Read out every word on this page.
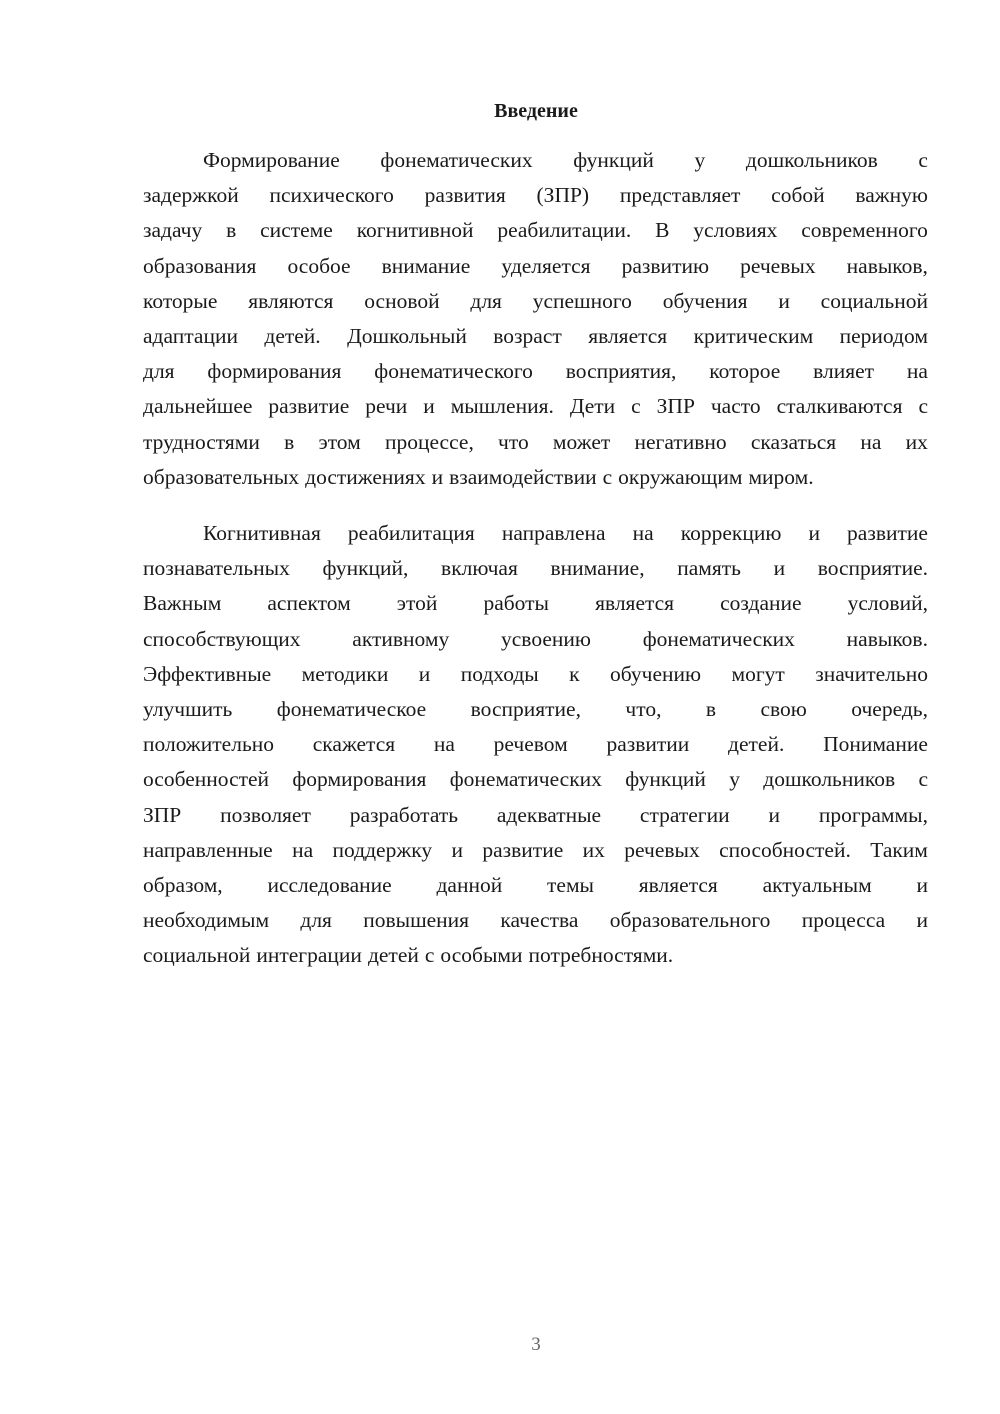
Введение
Формирование фонематических функций у дошкольников с
задержкой психического развития (ЗПР) представляет собой важную
задачу в системе когнитивной реабилитации. В условиях современного
образования особое внимание уделяется развитию речевых навыков,
которые являются основой для успешного обучения и социальной
адаптации детей. Дошкольный возраст является критическим периодом
для формирования фонематического восприятия, которое влияет на
дальнейшее развитие речи и мышления. Дети с ЗПР часто сталкиваются с
трудностями в этом процессе, что может негативно сказаться на их
образовательных достижениях и взаимодействии с окружающим миром.
Когнитивная реабилитация направлена на коррекцию и развитие
познавательных функций, включая внимание, память и восприятие.
Важным аспектом этой работы является создание условий,
способствующих активному усвоению фонематических навыков.
Эффективные методики и подходы к обучению могут значительно
улучшить фонематическое восприятие, что, в свою очередь,
положительно скажется на речевом развитии детей. Понимание
особенностей формирования фонематических функций у дошкольников с
ЗПР позволяет разработать адекватные стратегии и программы,
направленные на поддержку и развитие их речевых способностей. Таким
образом, исследование данной темы является актуальным и
необходимым для повышения качества образовательного процесса и
социальной интеграции детей с особыми потребностями.
3
